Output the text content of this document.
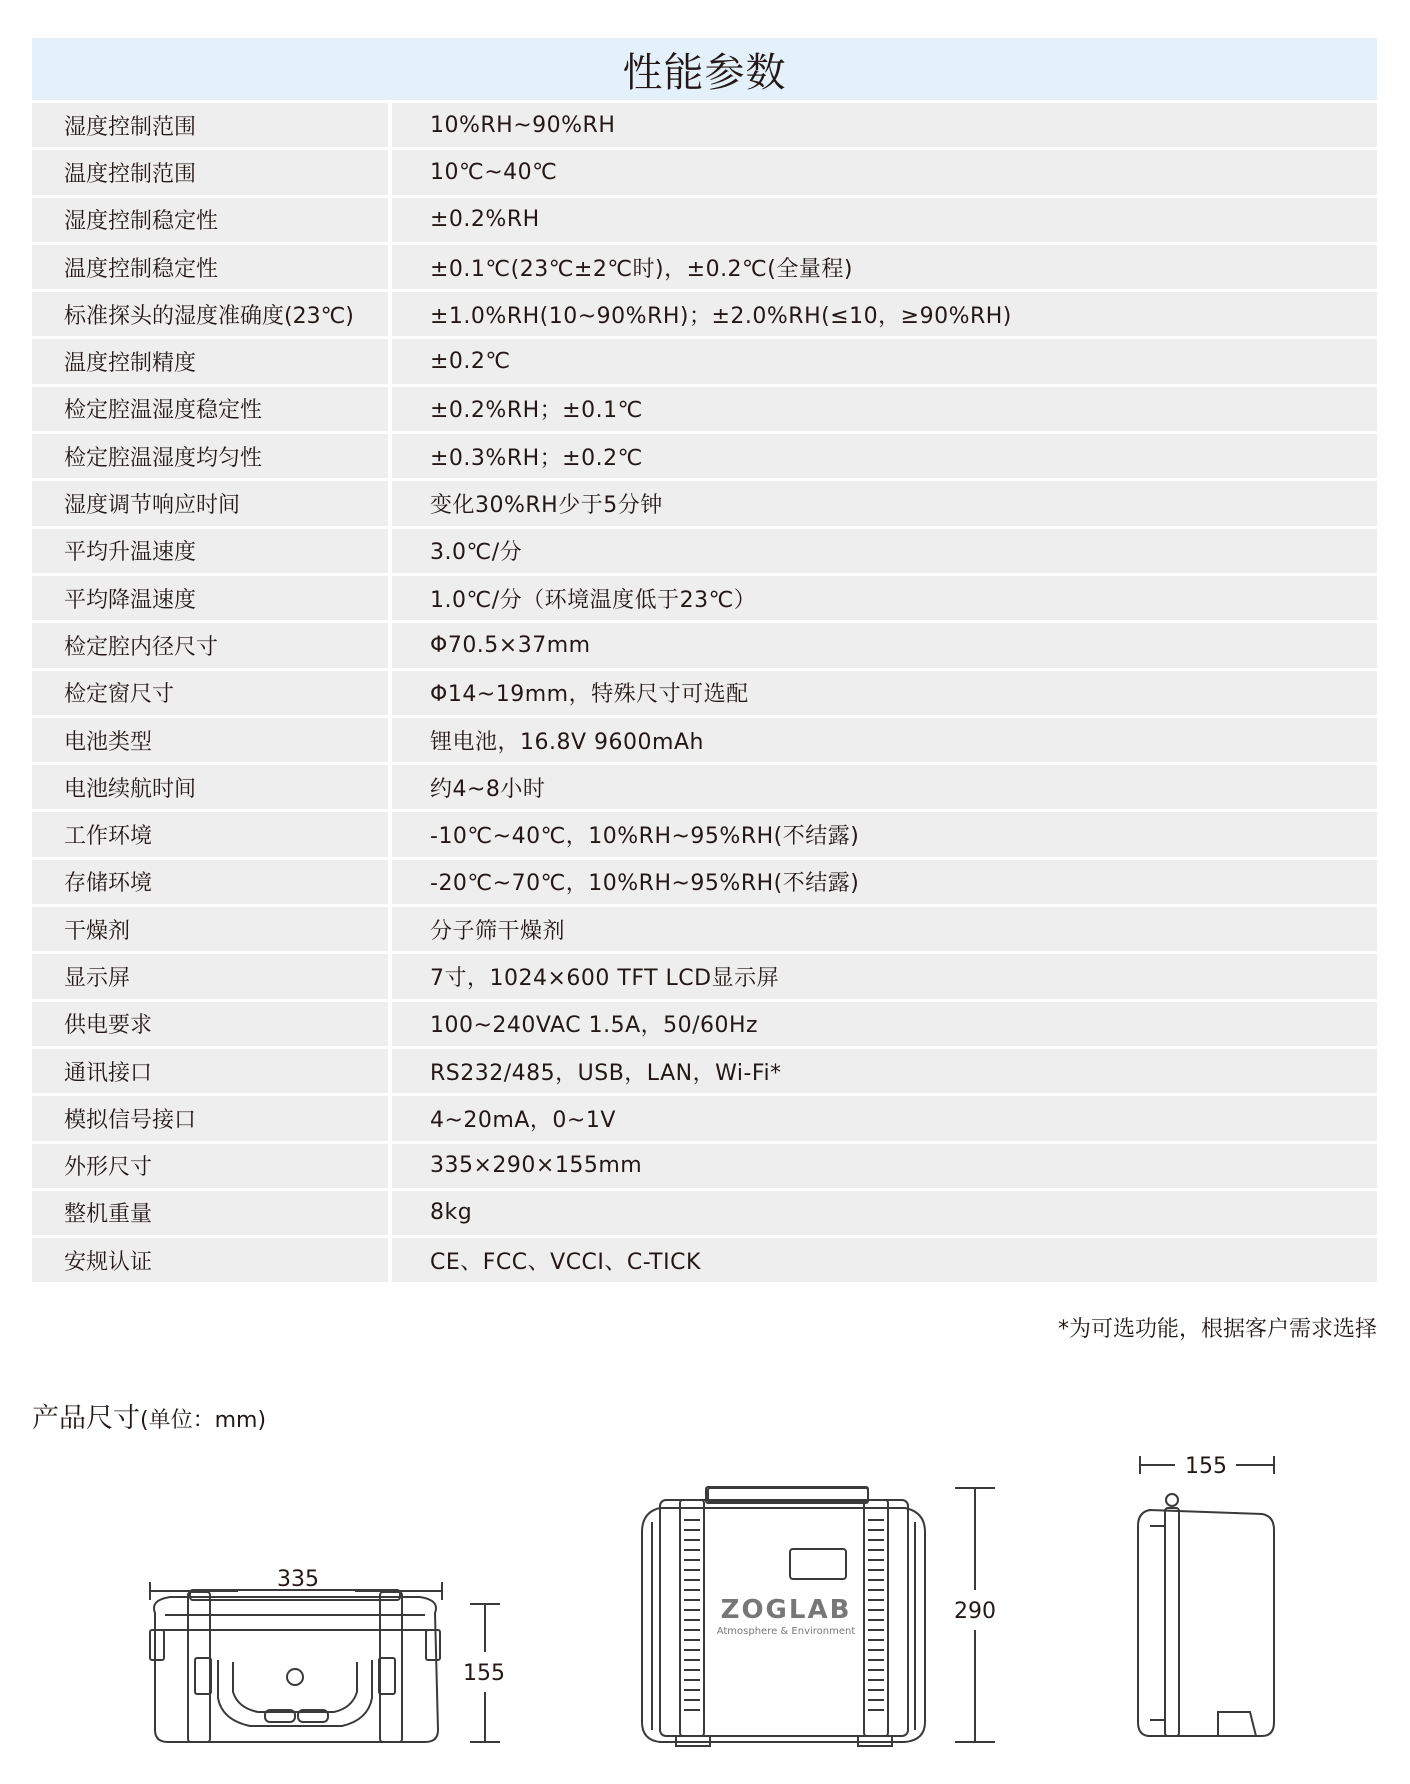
性能参数
湿度控制范围	10%RH~90%RH
温度控制范围	10℃~40℃
湿度控制稳定性	±0.2%RH
温度控制稳定性	±0.1℃(23℃±2℃时)，±0.2℃(全量程)
标准探头的湿度准确度(23℃)	±1.0%RH(10~90%RH)；±2.0%RH(≤10，≥90%RH)
温度控制精度	±0.2℃
检定腔温湿度稳定性	±0.2%RH；±0.1℃
检定腔温湿度均匀性	±0.3%RH；±0.2℃
湿度调节响应时间	变化30%RH少于5分钟
平均升温速度	3.0℃/分
平均降温速度	1.0℃/分（环境温度低于23℃）
检定腔内径尺寸	Φ70.5×37mm
检定窗尺寸	Φ14~19mm，特殊尺寸可选配
电池类型	锂电池，16.8V 9600mAh
电池续航时间	约4~8小时
工作环境	-10℃~40℃，10%RH~95%RH(不结露)
存储环境	-20℃~70℃，10%RH~95%RH(不结露)
干燥剂	分子筛干燥剂
显示屏	7寸，1024×600 TFT LCD显示屏
供电要求	100~240VAC 1.5A，50/60Hz
通讯接口	RS232/485，USB，LAN，Wi-Fi*
模拟信号接口	4~20mA，0~1V
外形尺寸	335×290×155mm
整机重量	8kg
安规认证	CE、FCC、VCCI、C-TICK
*为可选功能，根据客户需求选择
产品尺寸(单位：mm)
335
155
290
155
ZOGLAB
Atmosphere & Environment
